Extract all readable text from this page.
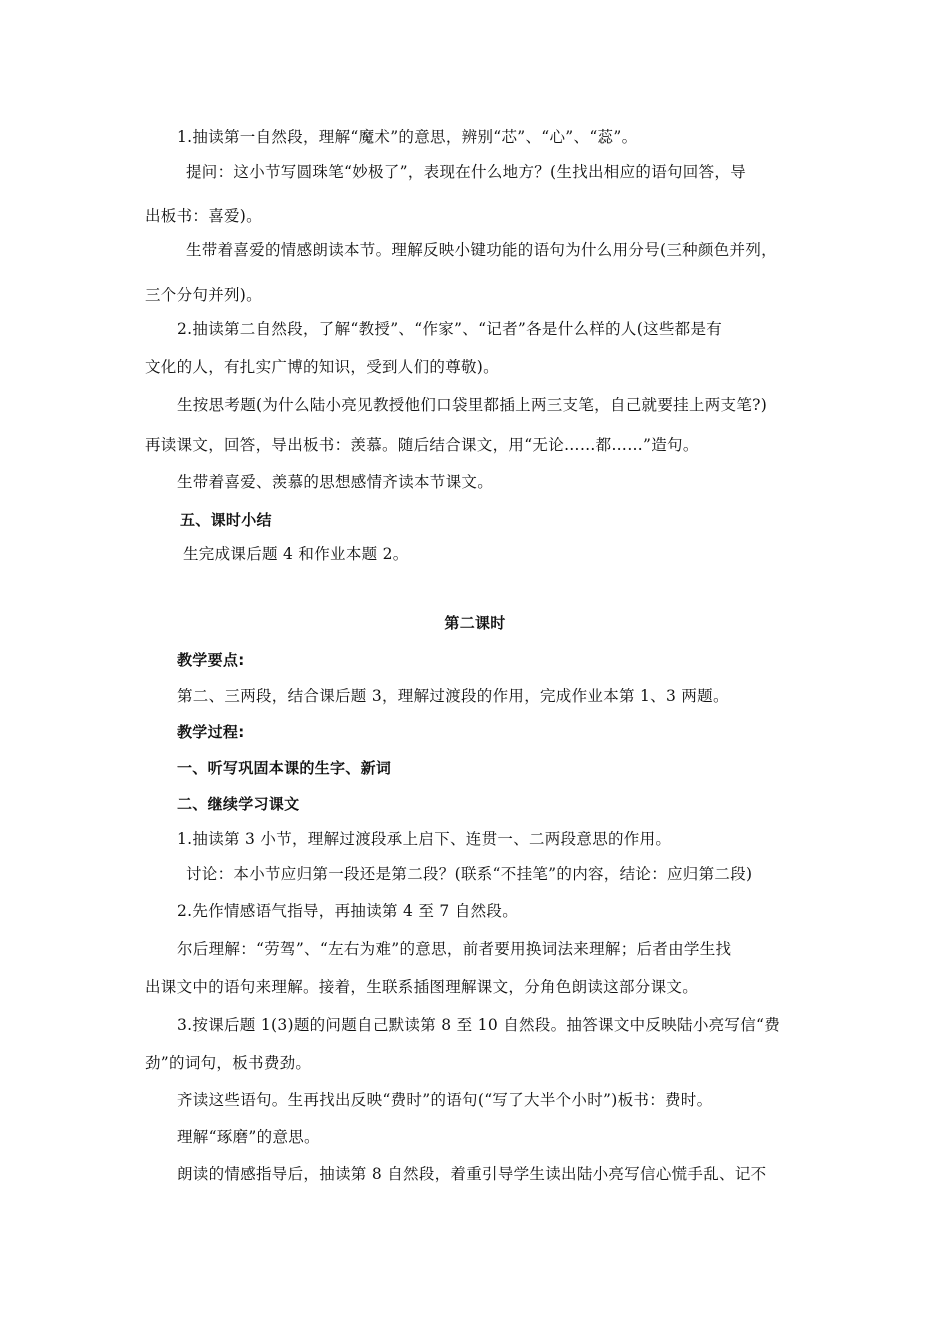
1.抽读第一自然段，理解“魔术”的意思，辨别“芯”、“心”、“蕊”。
提问：这小节写圆珠笔“妙极了”，表现在什么地方？(生找出相应的语句回答，导
出板书：喜爱)。
生带着喜爱的情感朗读本节。理解反映小键功能的语句为什么用分号(三种颜色并列，
三个分句并列)。
2.抽读第二自然段，了解“教授”、“作家”、“记者”各是什么样的人(这些都是有
文化的人，有扎实广博的知识，受到人们的尊敬)。
生按思考题(为什么陆小亮见教授他们口袋里都插上两三支笔，自己就要挂上两支笔?)
再读课文，回答，导出板书：羡慕。随后结合课文，用“无论……都……”造句。
生带着喜爱、羡慕的思想感情齐读本节课文。
五、课时小结
生完成课后题 4 和作业本题 2。
第二课时
教学要点:
第二、三两段，结合课后题 3，理解过渡段的作用，完成作业本第 1、3 两题。
教学过程:
一、听写巩固本课的生字、新词
二、继续学习课文
1.抽读第 3 小节，理解过渡段承上启下、连贯一、二两段意思的作用。
讨论：本小节应归第一段还是第二段？(联系“不挂笔”的内容，结论：应归第二段)
2.先作情感语气指导，再抽读第 4 至 7 自然段。
尔后理解：“劳驾”、“左右为难”的意思，前者要用换词法来理解；后者由学生找
出课文中的语句来理解。接着，生联系插图理解课文，分角色朗读这部分课文。
3.按课后题 1(3)题的问题自己默读第 8 至 10 自然段。抽答课文中反映陆小亮写信“费
劲”的词句，板书费劲。
齐读这些语句。生再找出反映“费时”的语句(“写了大半个小时”)板书：费时。
理解“琢磨”的意思。
朗读的情感指导后，抽读第 8 自然段，着重引导学生读出陆小亮写信心慌手乱、记不
